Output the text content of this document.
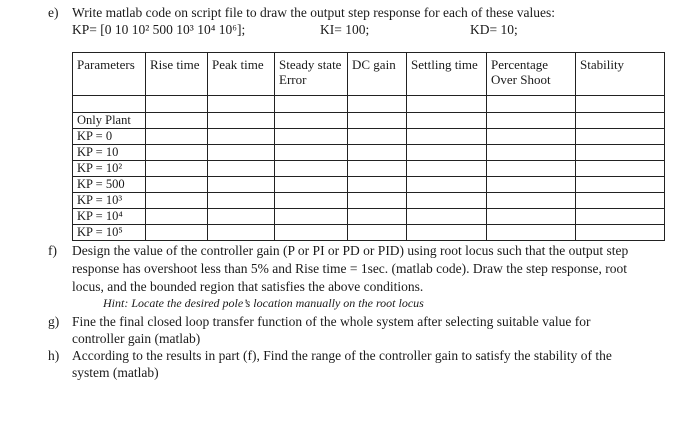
e) Write matlab code on script file to draw the output step response for each of these values:
KP= [0 10 10² 500 10³ 10⁴ 10⁶];	KI= 100;	KD= 10;
Parameters	Rise time	Peak time	Steady state Error	DC gain	Settling time	Percentage Over Shoot	Stability

Only Plant							
KP = 0							
KP = 10							
KP = 10²							
KP = 500							
KP = 10³							
KP = 10⁴							
KP = 10⁵							
f) Design the value of the controller gain (P or PI or PD or PID) using root locus such that the output step
response has overshoot less than 5% and Rise time = 1sec. (matlab code). Draw the step response, root
locus, and the bounded region that satisfies the above conditions.
Hint: Locate the desired pole’s location manually on the root locus
g) Fine the final closed loop transfer function of the whole system after selecting suitable value for
controller gain (matlab)
h) According to the results in part (f), Find the range of the controller gain to satisfy the stability of the
system (matlab)
